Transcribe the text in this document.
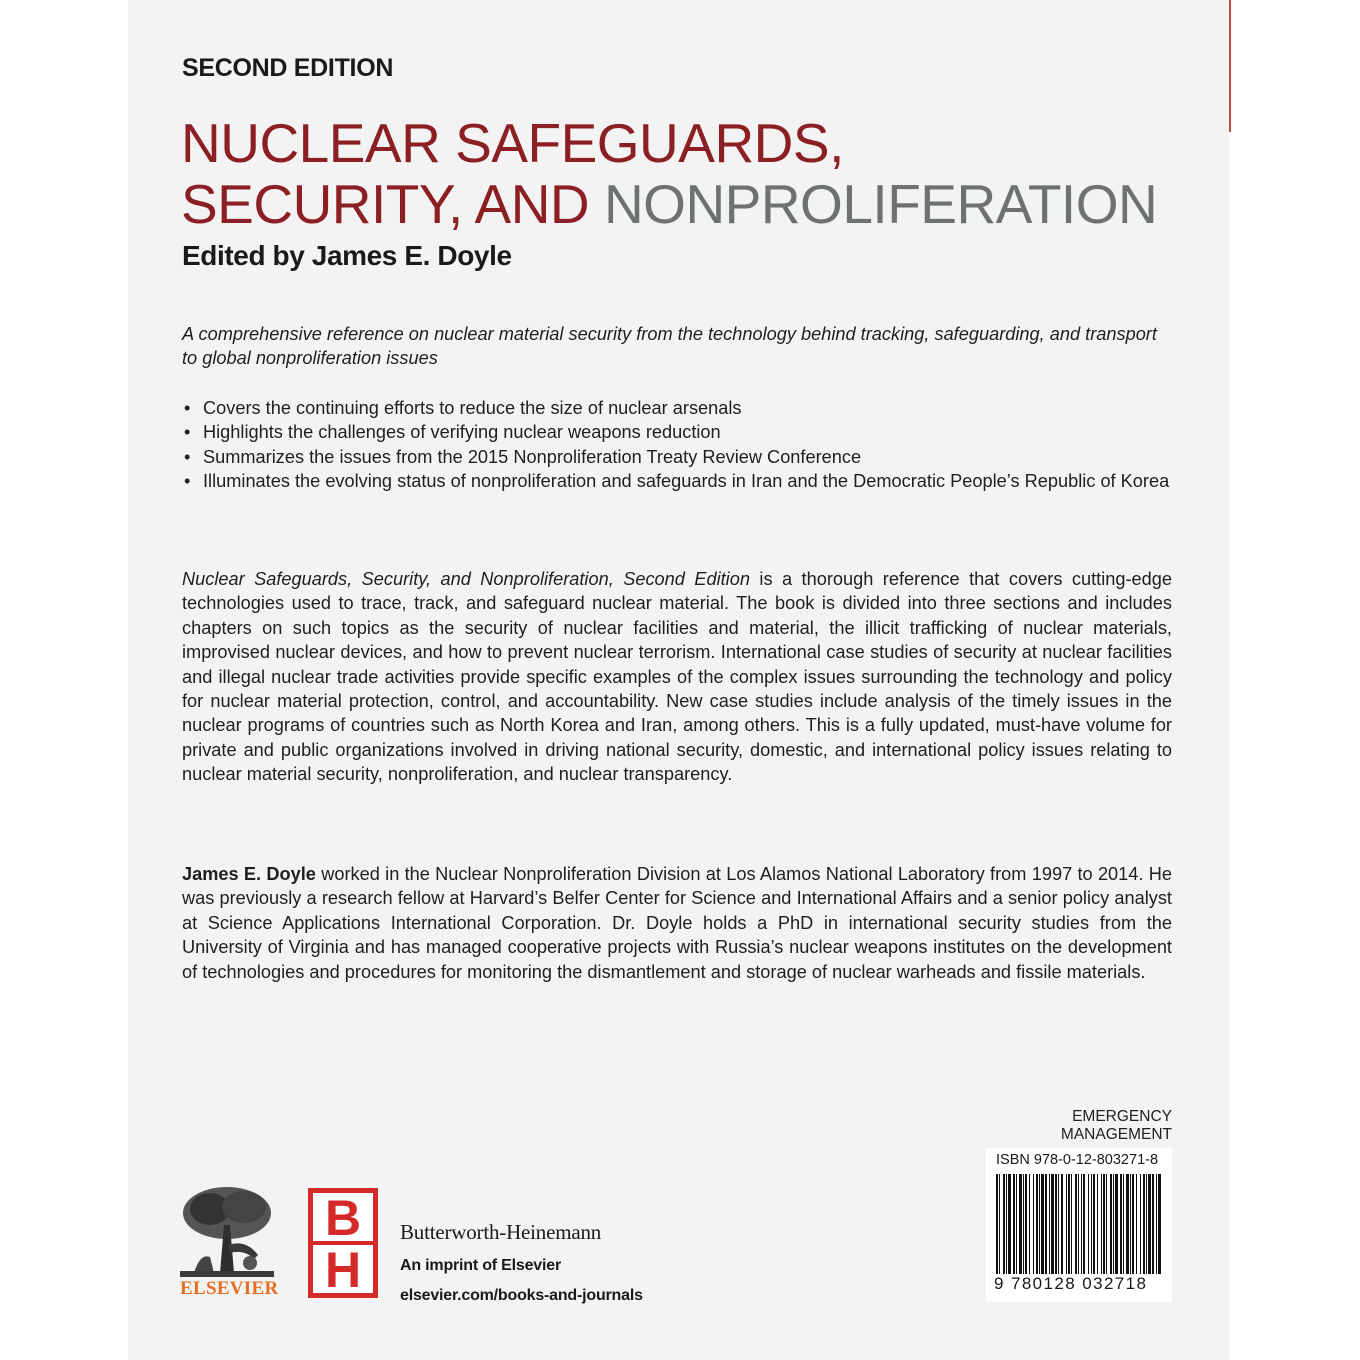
SECOND EDITION
NUCLEAR SAFEGUARDS,
SECURITY, AND NONPROLIFERATION
Edited by James E. Doyle
A comprehensive reference on nuclear material security from the technology behind tracking, safeguarding, and transport to global nonproliferation issues
• Covers the continuing efforts to reduce the size of nuclear arsenals
• Highlights the challenges of verifying nuclear weapons reduction
• Summarizes the issues from the 2015 Nonproliferation Treaty Review Conference
• Illuminates the evolving status of nonproliferation and safeguards in Iran and the Democratic People’s Republic of Korea
Nuclear Safeguards, Security, and Nonproliferation, Second Edition is a thorough reference that covers cutting-edge technologies used to trace, track, and safeguard nuclear material. The book is divided into three sections and includes chapters on such topics as the security of nuclear facilities and material, the illicit trafficking of nuclear materials, improvised nuclear devices, and how to prevent nuclear terrorism. International case studies of security at nuclear facilities and illegal nuclear trade activities provide specific examples of the complex issues surrounding the technology and policy for nuclear material protection, control, and accountability. New case studies include analysis of the timely issues in the nuclear programs of countries such as North Korea and Iran, among others. This is a fully updated, must-have volume for private and public organizations involved in driving national security, domestic, and international policy issues relating to nuclear material security, nonproliferation, and nuclear transparency.
James E. Doyle worked in the Nuclear Nonproliferation Division at Los Alamos National Laboratory from 1997 to 2014. He was previously a research fellow at Harvard’s Belfer Center for Science and International Affairs and a senior policy analyst at Science Applications International Corporation. Dr. Doyle holds a PhD in international security studies from the University of Virginia and has managed cooperative projects with Russia’s nuclear weapons institutes on the development of technologies and procedures for monitoring the dismantlement and storage of nuclear warheads and fissile materials.
EMERGENCY MANAGEMENT
ISBN 978-0-12-803271-8
9 780128 032718
ELSEVIER
B
H
Butterworth-Heinemann
An imprint of Elsevier
elsevier.com/books-and-journals
